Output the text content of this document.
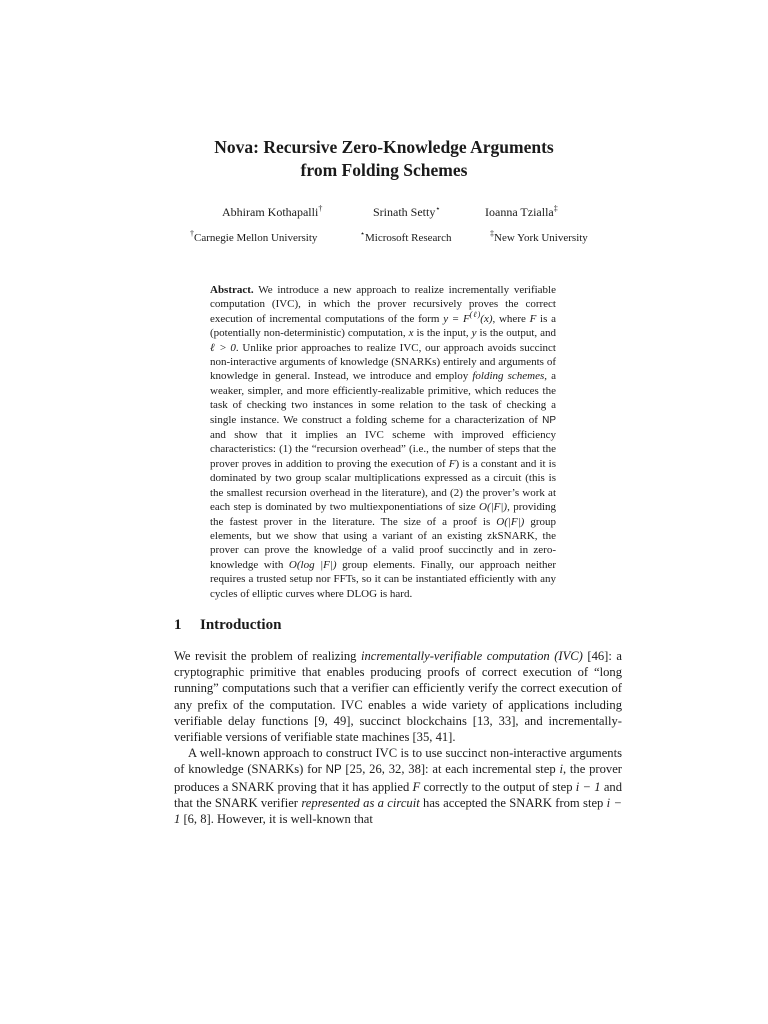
Nova: Recursive Zero-Knowledge Arguments
from Folding Schemes
Abhiram Kothapalli†	Srinath Setty⋆	Ioanna Tzialla‡
†Carnegie Mellon University	⋆Microsoft Research	‡New York University
Abstract. We introduce a new approach to realize incrementally verifiable computation (IVC), in which the prover recursively proves the correct execution of incremental computations of the form $y = F^{(\ell)}(x)$, where F is a (potentially non-deterministic) computation, x is the input, y is the output, and ℓ > 0. Unlike prior approaches to realize IVC, our approach avoids succinct non-interactive arguments of knowledge (SNARKs) entirely and arguments of knowledge in general. Instead, we introduce and employ folding schemes, a weaker, simpler, and more efficiently-realizable primitive, which reduces the task of checking two instances in some relation to the task of checking a single instance. We construct a folding scheme for a characterization of NP and show that it implies an IVC scheme with improved efficiency characteristics: (1) the “recursion overhead” (i.e., the number of steps that the prover proves in addition to proving the execution of F) is a constant and it is dominated by two group scalar multiplications expressed as a circuit (this is the smallest recursion overhead in the literature), and (2) the prover’s work at each step is dominated by two multiexponentiations of size O(|F|), providing the fastest prover in the literature. The size of a proof is O(|F|) group elements, but we show that using a variant of an existing zkSNARK, the prover can prove the knowledge of a valid proof succinctly and in zero-knowledge with O(log |F|) group elements. Finally, our approach neither requires a trusted setup nor FFTs, so it can be instantiated efficiently with any cycles of elliptic curves where DLOG is hard.
1 Introduction

We revisit the problem of realizing incrementally-verifiable computation (IVC) [46]: a cryptographic primitive that enables producing proofs of correct execution of “long running” computations such that a verifier can efficiently verify the correct execution of any prefix of the computation. IVC enables a wide variety of applications including verifiable delay functions [9, 49], succinct blockchains [13, 33], and incrementally-verifiable versions of verifiable state machines [35, 41].

A well-known approach to construct IVC is to use succinct non-interactive arguments of knowledge (SNARKs) for NP [25, 26, 32, 38]: at each incremental step i, the prover produces a SNARK proving that it has applied F correctly to the output of step i − 1 and that the SNARK verifier represented as a circuit has accepted the SNARK from step i − 1 [6, 8]. However, it is well-known that
